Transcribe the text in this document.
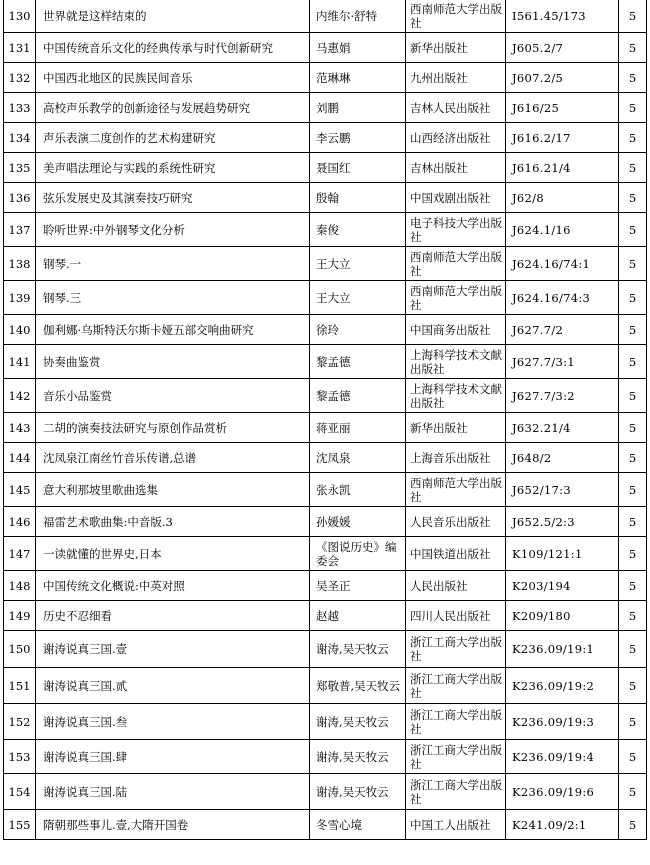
130	世界就是这样结束的	内维尔·舒特	西南师范大学出版社	I561.45/173	5
131	中国传统音乐文化的经典传承与时代创新研究	马惠娟	新华出版社	J605.2/7	5
132	中国西北地区的民族民间音乐	范琳琳	九州出版社	J607.2/5	5
133	高校声乐教学的创新途径与发展趋势研究	刘鹏	吉林人民出版社	J616/25	5
134	声乐表演二度创作的艺术构建研究	李云鹏	山西经济出版社	J616.2/17	5
135	美声唱法理论与实践的系统性研究	聂国红	吉林出版社	J616.21/4	5
136	弦乐发展史及其演奏技巧研究	殷翰	中国戏剧出版社	J62/8	5
137	聆听世界:中外钢琴文化分析	秦俊	电子科技大学出版社	J624.1/16	5
138	钢琴.一	王大立	西南师范大学出版社	J624.16/74:1	5
139	钢琴.三	王大立	西南师范大学出版社	J624.16/74:3	5
140	伽利娜·乌斯特沃尔斯卡娅五部交响曲研究	徐玲	中国商务出版社	J627.7/2	5
141	协奏曲鉴赏	黎孟德	上海科学技术文献出版社	J627.7/3:1	5
142	音乐小品鉴赏	黎孟德	上海科学技术文献出版社	J627.7/3:2	5
143	二胡的演奏技法研究与原创作品赏析	蒋亚丽	新华出版社	J632.21/4	5
144	沈凤泉江南丝竹音乐传谱,总谱	沈凤泉	上海音乐出版社	J648/2	5
145	意大利那坡里歌曲选集	张永凯	西南师范大学出版社	J652/17:3	5
146	福雷艺术歌曲集:中音版.3	孙媛媛	人民音乐出版社	J652.5/2:3	5
147	一读就懂的世界史,日本	《图说历史》编委会	中国铁道出版社	K109/121:1	5
148	中国传统文化概说:中英对照	吴圣正	人民出版社	K203/194	5
149	历史不忍细看	赵越	四川人民出版社	K209/180	5
150	谢涛说真三国.壹	谢涛,吴天牧云	浙江工商大学出版社	K236.09/19:1	5
151	谢涛说真三国.贰	郑敬普,吴天牧云	浙江工商大学出版社	K236.09/19:2	5
152	谢涛说真三国.叁	谢涛,吴天牧云	浙江工商大学出版社	K236.09/19:3	5
153	谢涛说真三国.肆	谢涛,吴天牧云	浙江工商大学出版社	K236.09/19:4	5
154	谢涛说真三国.陆	谢涛,吴天牧云	浙江工商大学出版社	K236.09/19:6	5
155	隋朝那些事儿.壹,大隋开国卷	冬雪心境	中国工人出版社	K241.09/2:1	5
